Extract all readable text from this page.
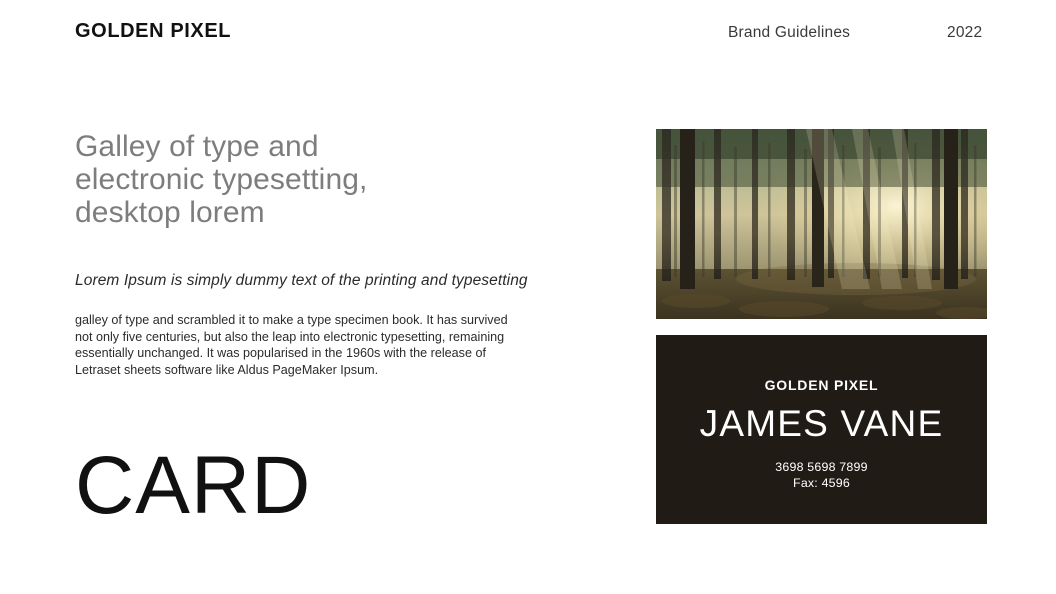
GOLDEN PIXEL	Brand Guidelines	2022
Galley of type and electronic typesetting, desktop lorem

Lorem Ipsum is simply dummy text of the printing and typesetting

galley of type and scrambled it to make a type specimen book. It has survived not only five centuries, but also the leap into electronic typesetting, remaining essentially unchanged. It was popularised in the 1960s with the release of Letraset sheets software like Aldus PageMaker Ipsum.

CARD
GOLDEN PIXEL
JAMES VANE
3698 5698 7899
Fax: 4596
